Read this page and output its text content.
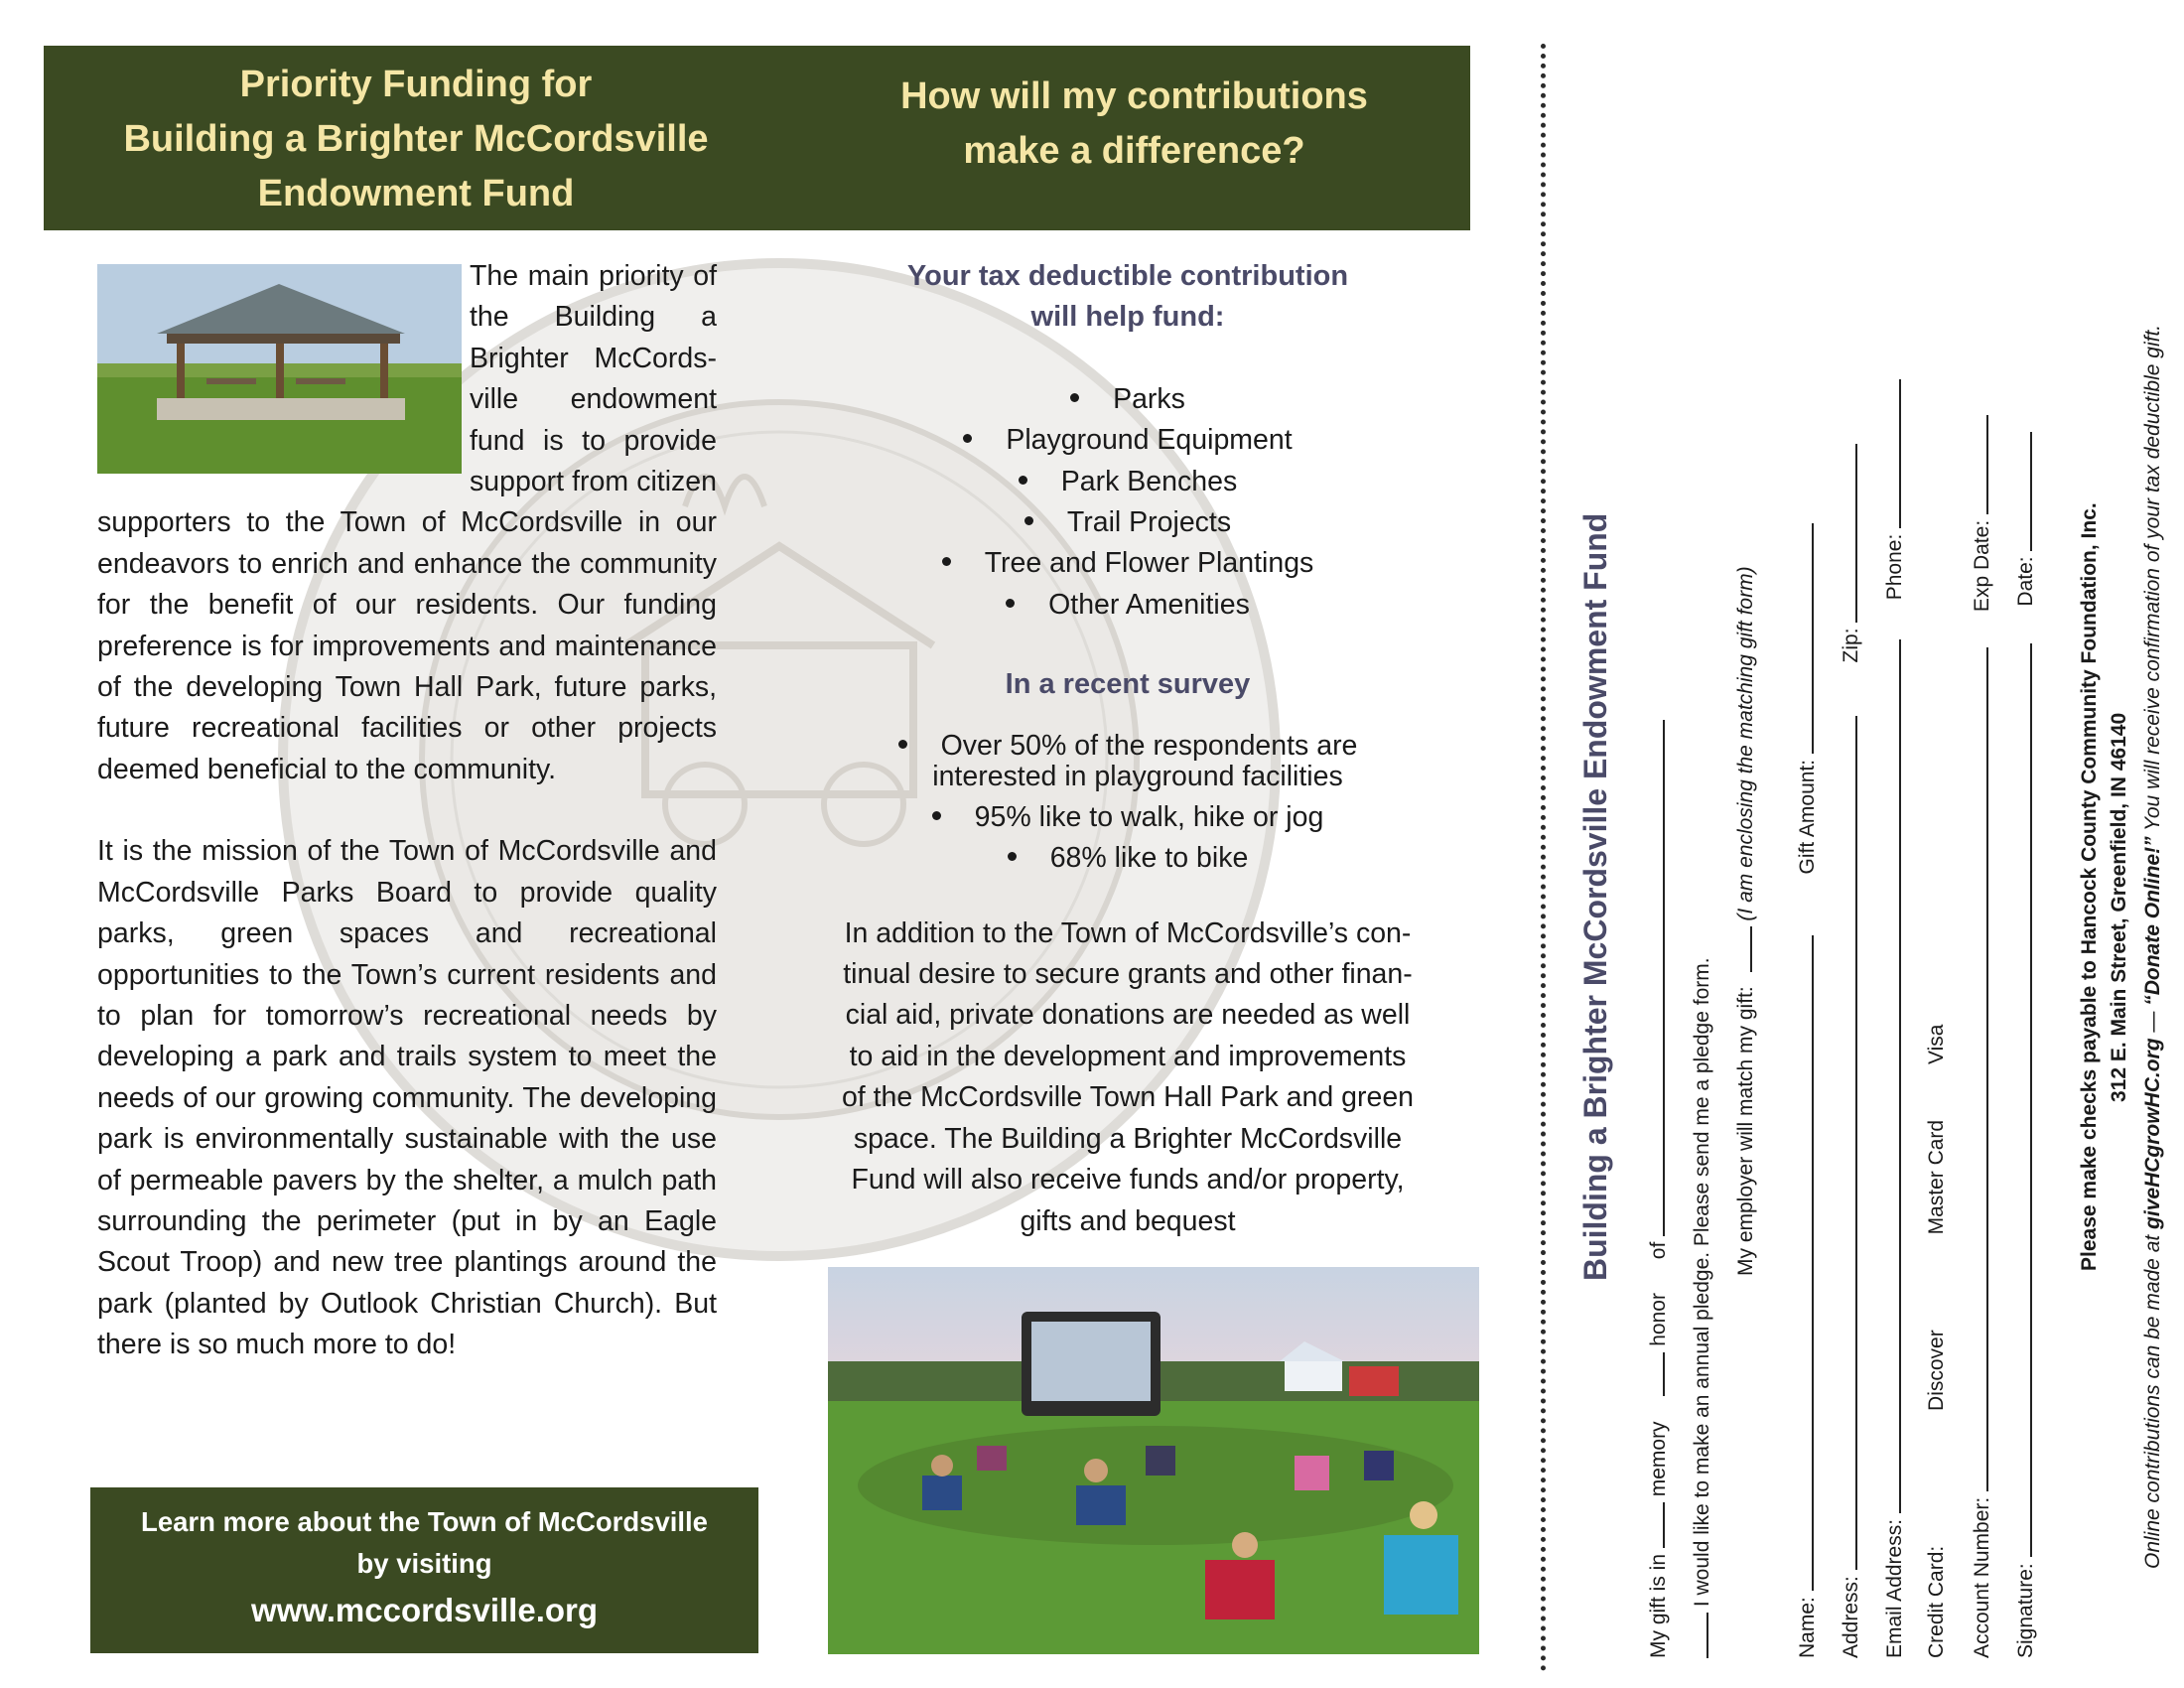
Priority Funding for
Building a Brighter McCordsville
Endowment Fund
How will my contributions
make a difference?

The main priority of the Building a Brighter McCordsville endowment fund is to provide support from citizen supporters to the Town of McCordsville in our endeavors to enrich and enhance the community for the benefit of our residents. Our funding preference is for improvements and maintenance of the developing Town Hall Park, future parks, future recreational facilities or other projects deemed beneficial to the community.

It is the mission of the Town of McCordsville and McCordsville Parks Board to provide quality parks, green spaces and recreational opportunities to the Town’s current residents and to plan for tomorrow’s recreational needs by developing a park and trails system to meet the needs of our growing community. The developing park is environmentally sustainable with the use of permeable pavers by the shelter, a mulch path surrounding the perimeter (put in by an Eagle Scout Troop) and new tree plantings around the park (planted by Outlook Christian Church). But there is so much more to do!

Learn more about the Town of McCordsville
by visiting
www.mccordsville.org
Your tax deductible contribution
will help fund:
Parks
Playground Equipment
Park Benches
Trail Projects
Tree and Flower Plantings
Other Amenities
In a recent survey
Over 50% of the respondents are
interested in playground facilities
95% like to walk, hike or jog
68% like to bike
In addition to the Town of McCordsville’s con-
tinual desire to secure grants and other finan-
cial aid, private donations are needed as well
to aid in the development and improvements
of the McCordsville Town Hall Park and green
space. The Building a Brighter McCordsville
Fund will also receive funds and/or property,
gifts and bequest	Building a Brighter McCordsville Endowment Fund
My gift is in  memory  honor of I would like to make an annual pledge. Please send me a pledge form. My employer will match my gift:  (I am enclosing the matching gift form)
Name:  Gift Amount:
Address:  Zip:
Email Address:  Phone:
Credit Card: Discover Master Card Visa
Account Number:  Exp Date:
Signature:  Date: Please make checks payable to Hancock County Community Foundation, Inc. 312 E. Main Street, Greenfield, IN 46140
Online contributions can be made at giveHCgrowHC.org — “Donate Online!” You will receive confirmation of your tax deductible gift.
